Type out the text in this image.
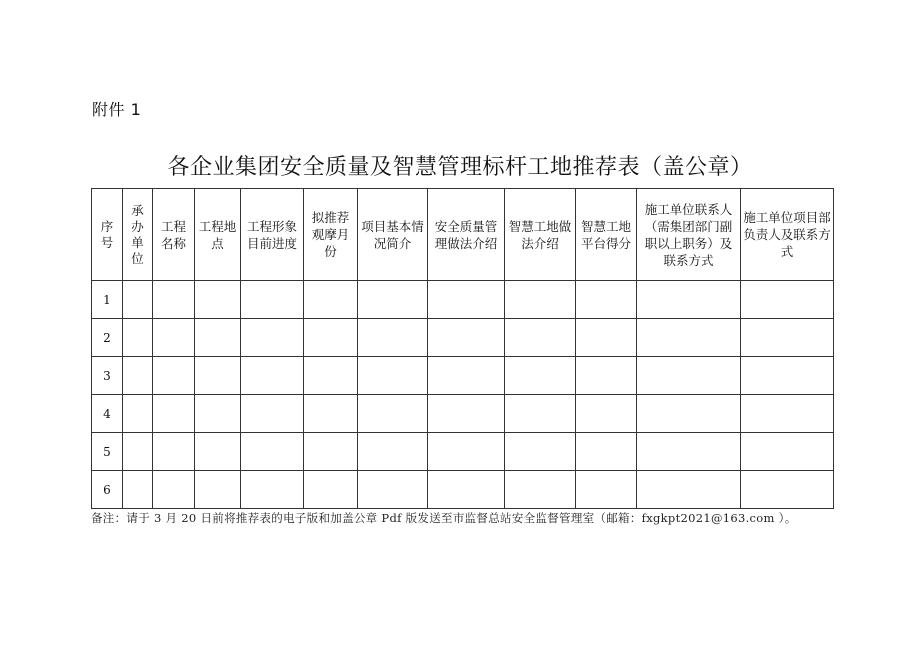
附件 1
各企业集团安全质量及智慧管理标杆工地推荐表（盖公章）
序号	承办单位	工程名称	工程地点	工程形象目前进度	拟推荐观摩月份	项目基本情况简介	安全质量管理做法介绍	智慧工地做法介绍	智慧工地平台得分	施工单位联系人（需集团部门副职以上职务）及联系方式	施工单位项目部负责人及联系方式
1											
2											
3											
4											
5											
6											
备注：请于 3 月 20 日前将推荐表的电子版和加盖公章 Pdf 版发送至市监督总站安全监督管理室（邮箱：fxgkpt2021@163.com ）。
